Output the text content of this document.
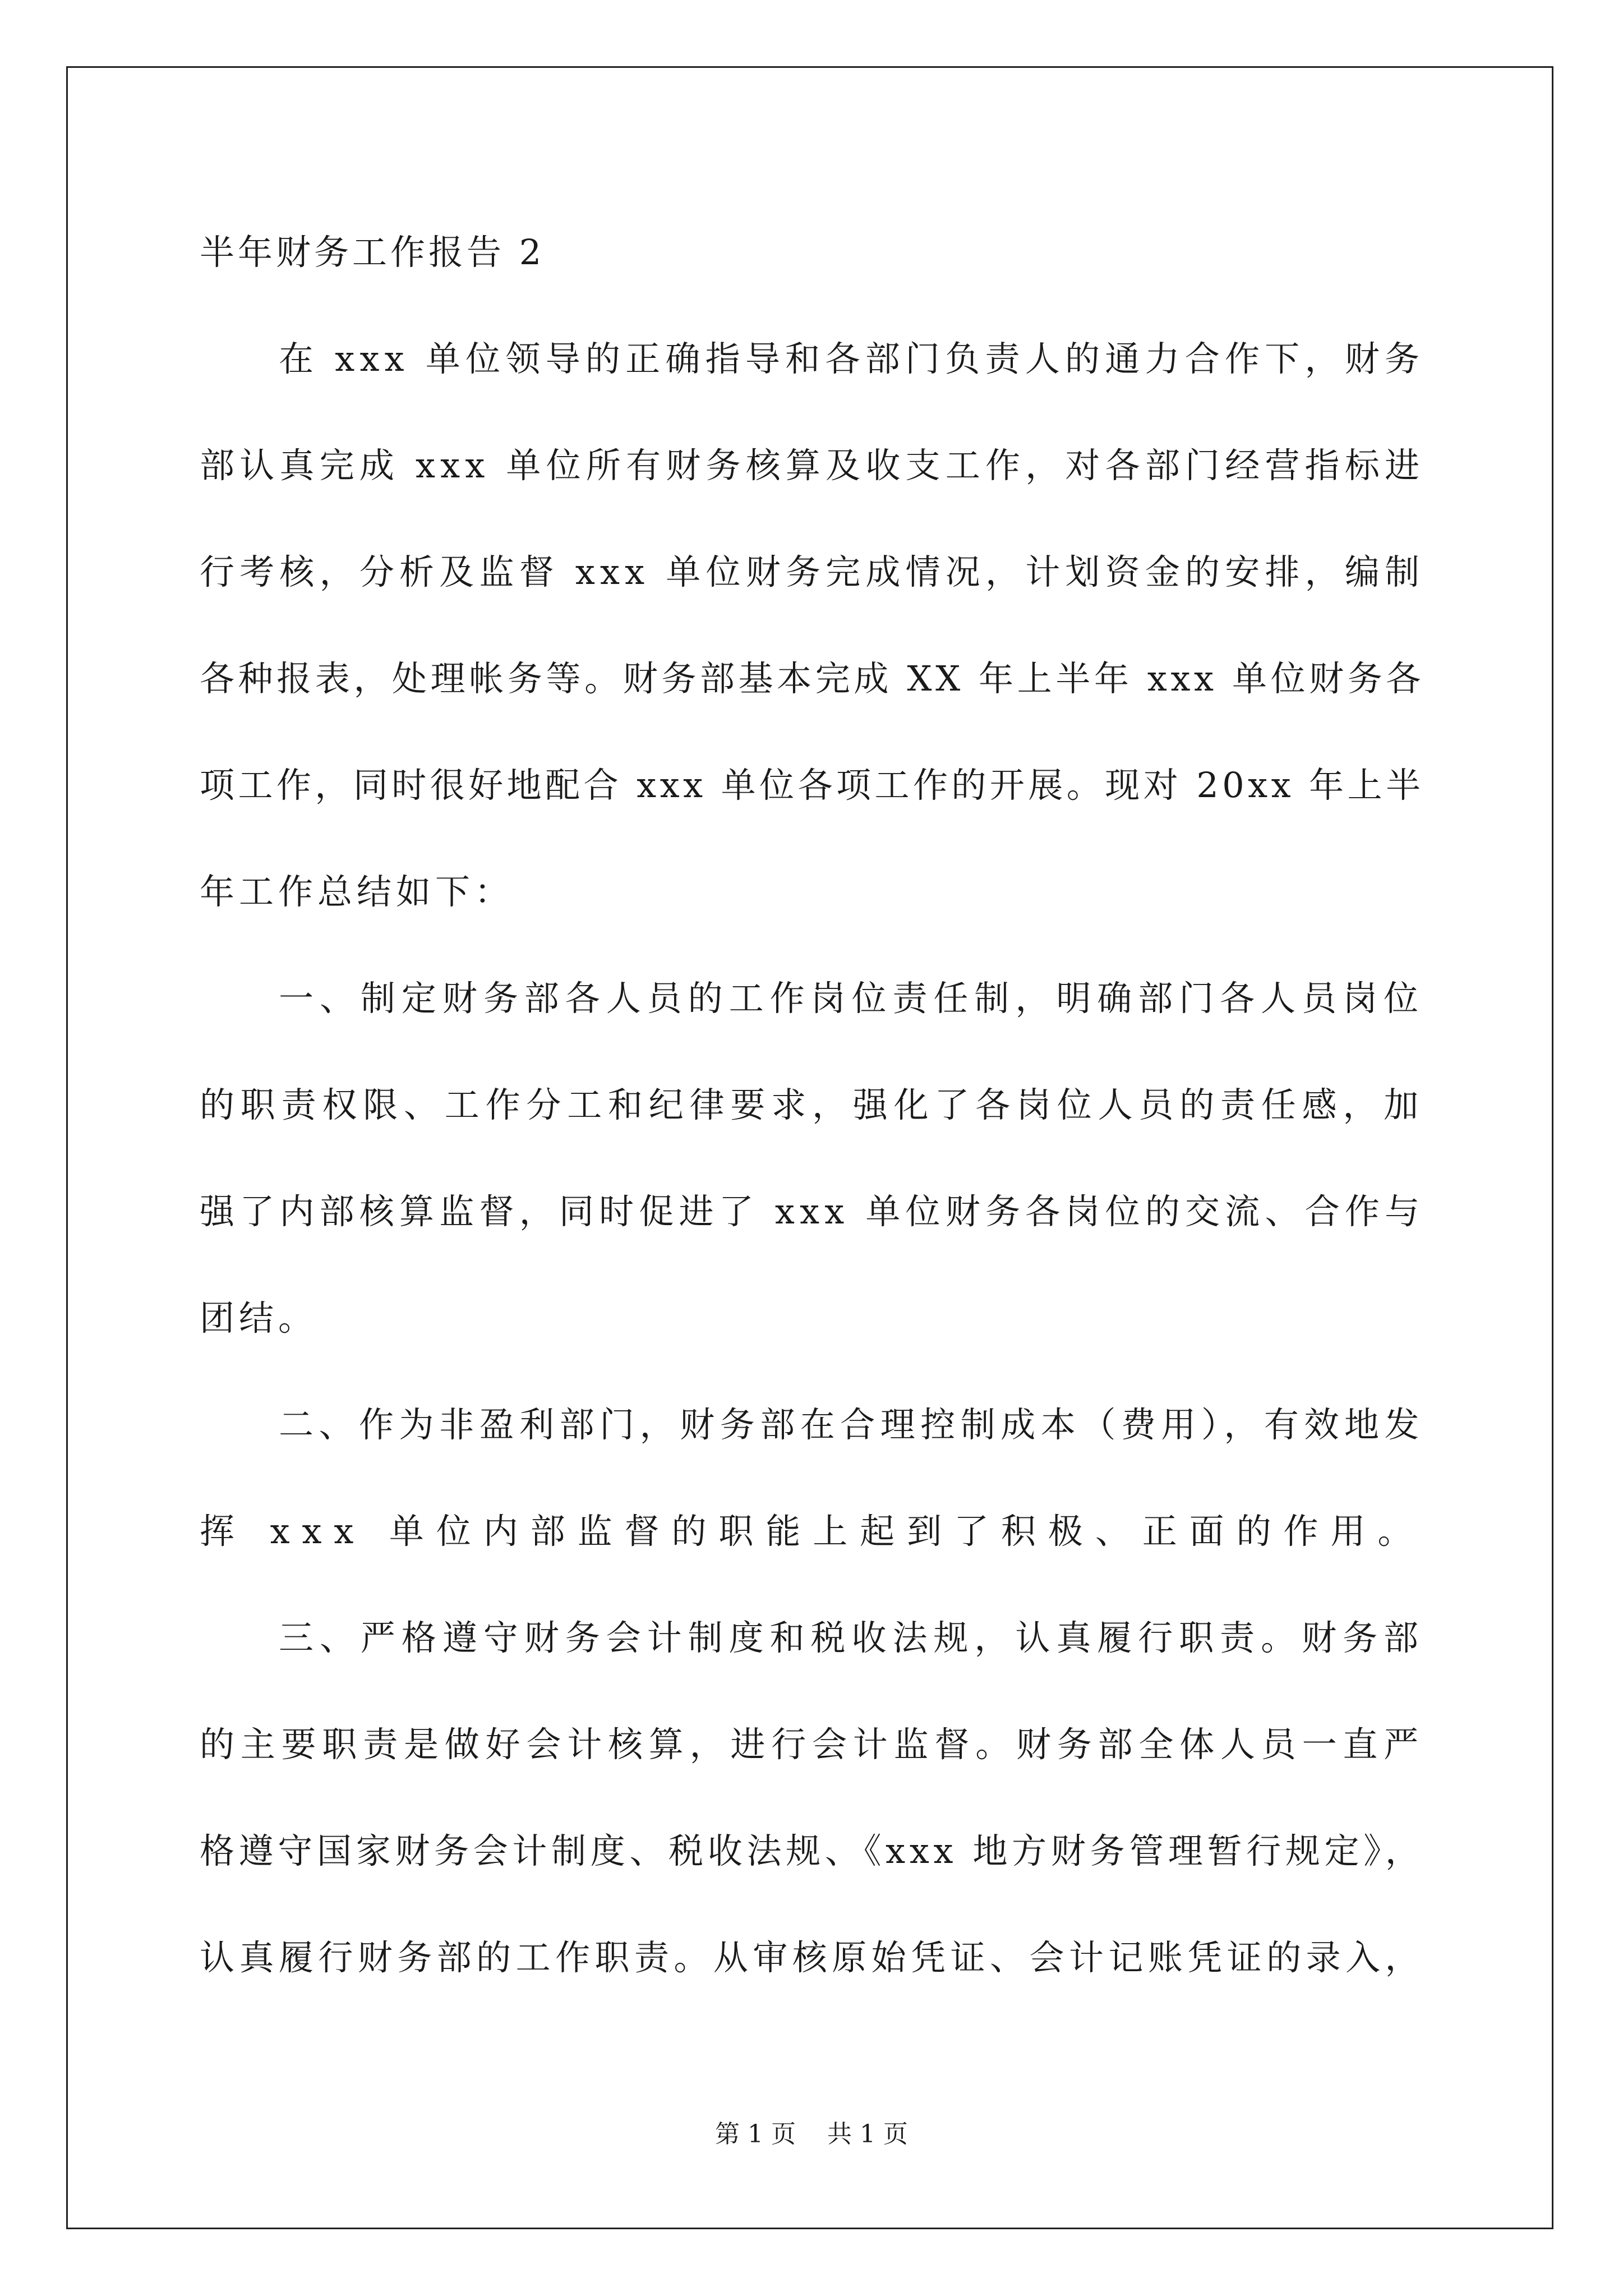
半年财务工作报告 2

在 xxx 单位领导的正确指导和各部门负责人的通力合作下，财务

部认真完成 xxx 单位所有财务核算及收支工作，对各部门经营指标进

行考核，分析及监督 xxx 单位财务完成情况，计划资金的安排，编制

各种报表，处理帐务等。财务部基本完成 XX 年上半年 xxx 单位财务各

项工作，同时很好地配合 xxx 单位各项工作的开展。现对 20xx 年上半

年工作总结如下：

一、制定财务部各人员的工作岗位责任制，明确部门各人员岗位

的职责权限、工作分工和纪律要求，强化了各岗位人员的责任感，加

强了内部核算监督，同时促进了 xxx 单位财务各岗位的交流、合作与

团结。

二、作为非盈利部门，财务部在合理控制成本（费用），有效地发

挥 xxx 单位内部监督的职能上起到了积极、正面的作用。

三、严格遵守财务会计制度和税收法规，认真履行职责。财务部

的主要职责是做好会计核算，进行会计监督。财务部全体人员一直严

格遵守国家财务会计制度、税收法规、《xxx 地方财务管理暂行规定》，

认真履行财务部的工作职责。从审核原始凭证、会计记账凭证的录入，

第 1 页    共 1 页
